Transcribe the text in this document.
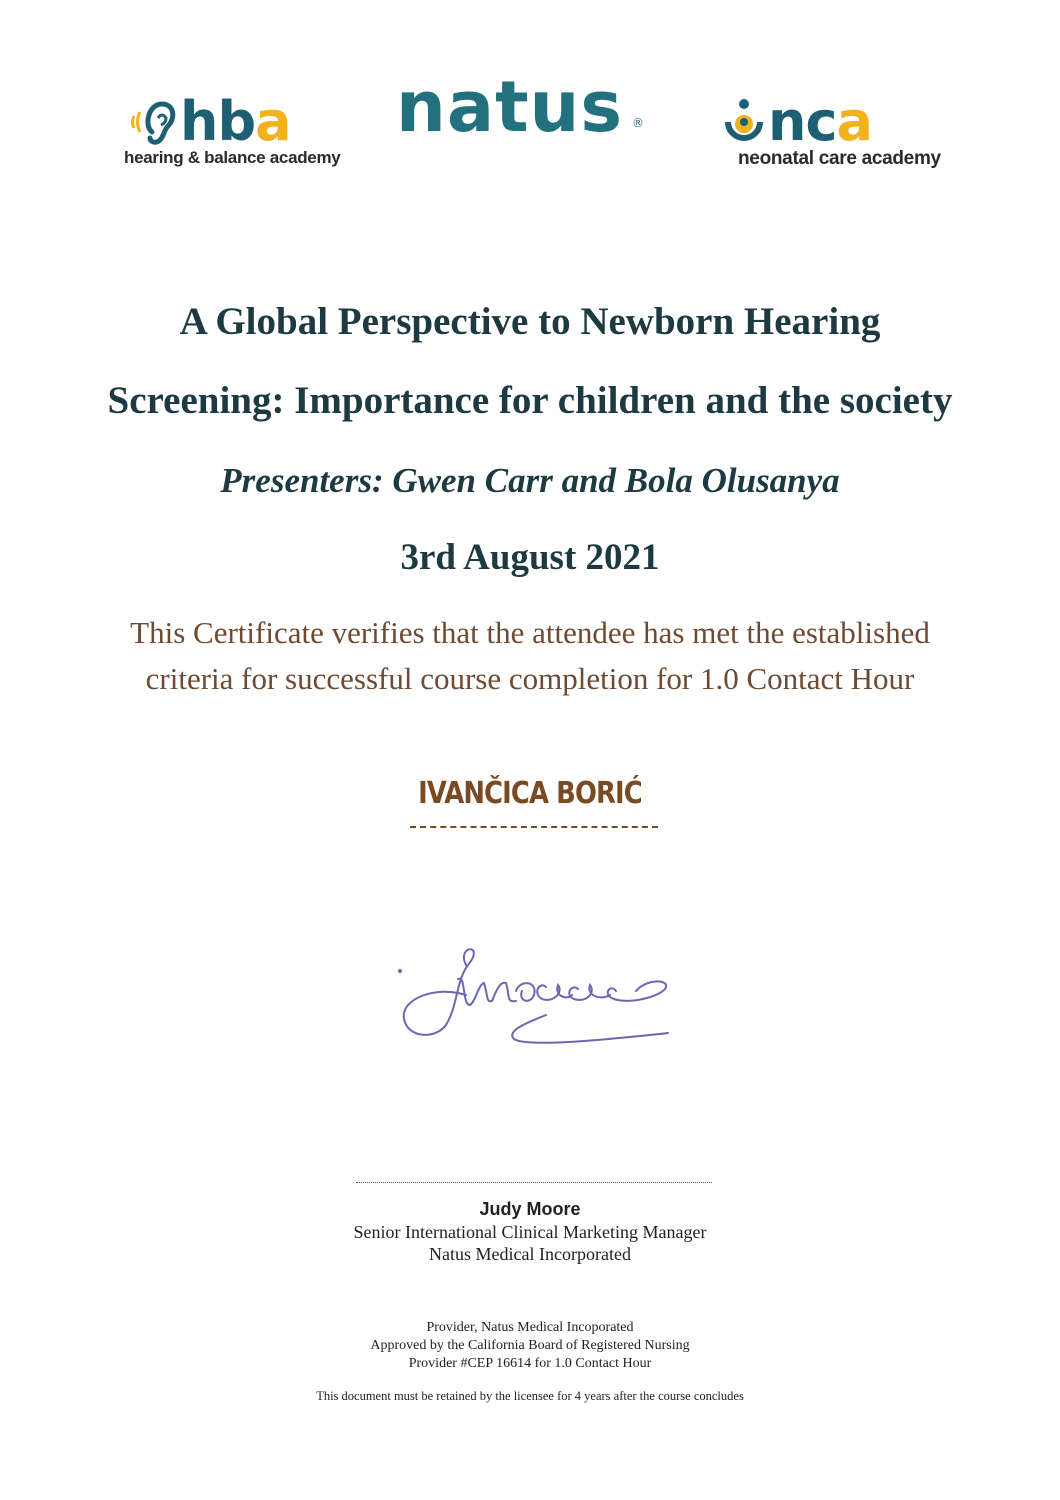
hba
hearing & balance academy
natus ® nca
neonatal care academy
A Global Perspective to Newborn Hearing
Screening: Importance for children and the society
Presenters: Gwen Carr and Bola Olusanya
3rd August 2021
This Certificate verifies that the attendee has met the established
criteria for successful course completion for 1.0 Contact Hour
IVANČICA BORIĆ
Judy Moore
Senior International Clinical Marketing Manager
Natus Medical Incorporated
Provider, Natus Medical Incoporated
Approved by the California Board of Registered Nursing
Provider #CEP 16614 for 1.0 Contact Hour
This document must be retained by the licensee for 4 years after the course concludes
